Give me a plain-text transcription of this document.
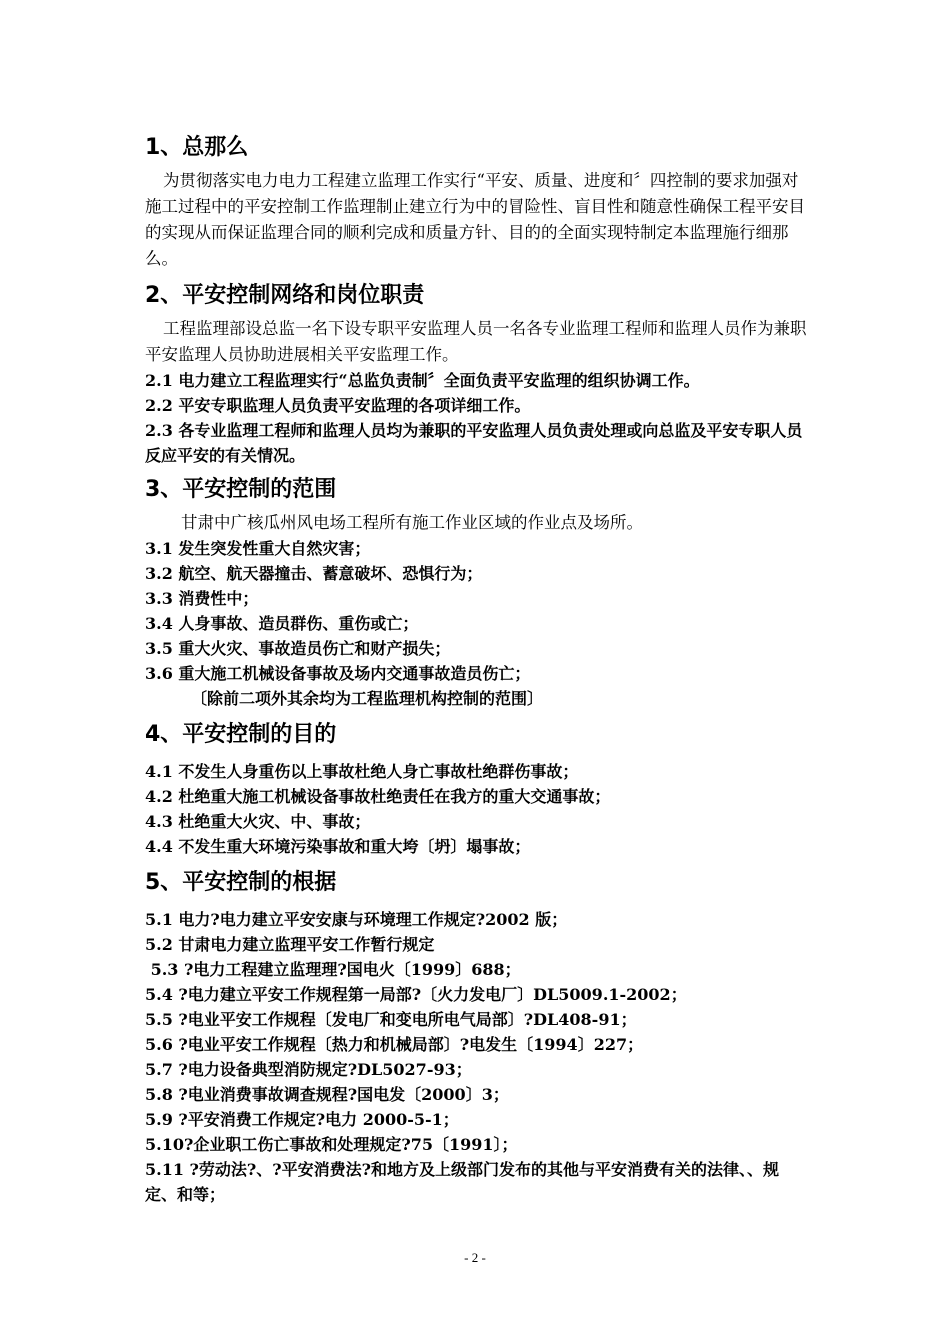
1、总那么

为贯彻落实电力电力工程建立监理工作实行“平安、质量、进度和〞四控制的要求加强对施工过程中的平安控制工作监理制止建立行为中的冒险性、盲目性和随意性确保工程平安目的实现从而保证监理合同的顺利完成和质量方针、目的的全面实现特制定本监理施行细那么。

2、平安控制网络和岗位职责

工程监理部设总监一名下设专职平安监理人员一名各专业监理工程师和监理人员作为兼职平安监理人员协助进展相关平安监理工作。

2.1 电力建立工程监理实行“总监负责制〞全面负责平安监理的组织协调工作。

2.2 平安专职监理人员负责平安监理的各项详细工作。

2.3 各专业监理工程师和监理人员均为兼职的平安监理人员负责处理或向总监及平安专职人员反应平安的有关情况。

3、平安控制的范围

甘肃中广核瓜州风电场工程所有施工作业区域的作业点及场所。

3.1 发生突发性重大自然灾害；

3.2 航空、航天器撞击、蓄意破坏、恐惧行为；

3.3 消费性中；

3.4 人身事故、造员群伤、重伤或亡；

3.5 重大火灾、事故造员伤亡和财产损失；

3.6 重大施工机械设备事故及场内交通事故造员伤亡；

〔除前二项外其余均为工程监理机构控制的范围〕

4、平安控制的目的

4.1 不发生人身重伤以上事故杜绝人身亡事故杜绝群伤事故；

4.2 杜绝重大施工机械设备事故杜绝责任在我方的重大交通事故；

4.3 杜绝重大火灾、中、事故；

4.4 不发生重大环境污染事故和重大垮〔坍〕塌事故；

5、平安控制的根据

5.1 电力?电力建立平安安康与环境理工作规定?2002 版；

5.2 甘肃电力建立监理平安工作暂行规定

5.3 ?电力工程建立监理理?国电火〔1999〕688；

5.4 ?电力建立平安工作规程第一局部?〔火力发电厂〕DL5009.1-2002；

5.5 ?电业平安工作规程〔发电厂和变电所电气局部〕?DL408-91；

5.6 ?电业平安工作规程〔热力和机械局部〕?电发生〔1994〕227；

5.7 ?电力设备典型消防规定?DL5027-93；

5.8 ?电业消费事故调查规程?国电发〔2000〕3；

5.9 ?平安消费工作规定?电力 2000-5-1；

5.10?企业职工伤亡事故和处理规定?75〔1991〕；

5.11 ?劳动法?、?平安消费法?和地方及上级部门发布的其他与平安消费有关的法律、、规定、和等；

- 2 -
